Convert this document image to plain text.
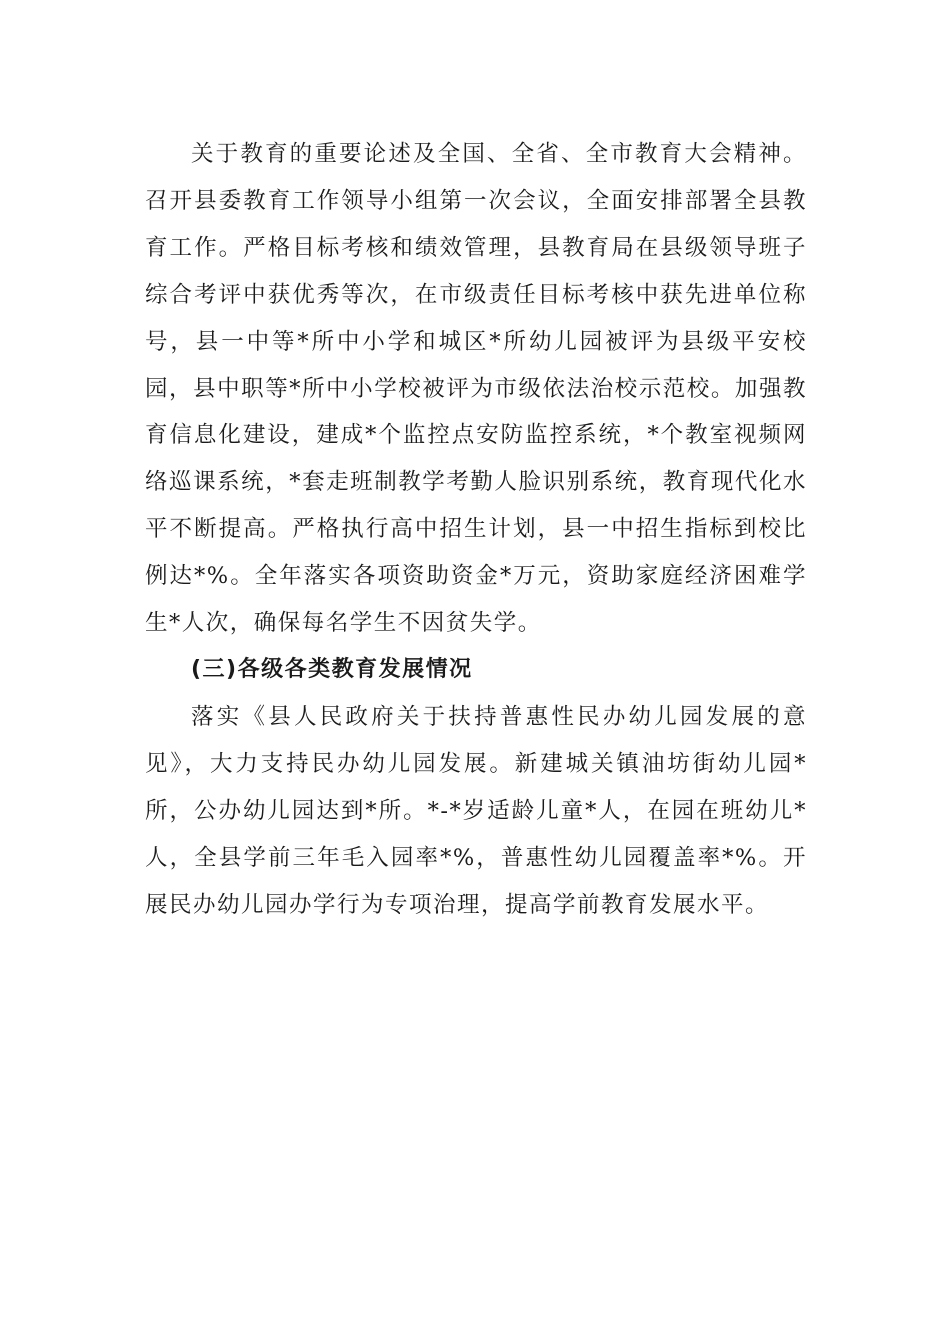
关于教育的重要论述及全国、全省、全市教育大会精神。召开县委教育工作领导小组第一次会议，全面安排部署全县教育工作。严格目标考核和绩效管理，县教育局在县级领导班子综合考评中获优秀等次，在市级责任目标考核中获先进单位称号，县一中等*所中小学和城区*所幼儿园被评为县级平安校园，县中职等*所中小学校被评为市级依法治校示范校。加强教育信息化建设，建成*个监控点安防监控系统，*个教室视频网络巡课系统，*套走班制教学考勤人脸识别系统，教育现代化水平不断提高。严格执行高中招生计划，县一中招生指标到校比例达*%。全年落实各项资助资金*万元，资助家庭经济困难学生*人次，确保每名学生不因贫失学。

(三)各级各类教育发展情况

落实《县人民政府关于扶持普惠性民办幼儿园发展的意见》，大力支持民办幼儿园发展。新建城关镇油坊街幼儿园*所，公办幼儿园达到*所。*-*岁适龄儿童*人，在园在班幼儿*人，全县学前三年毛入园率*%，普惠性幼儿园覆盖率*%。开展民办幼儿园办学行为专项治理，提高学前教育发展水平。
